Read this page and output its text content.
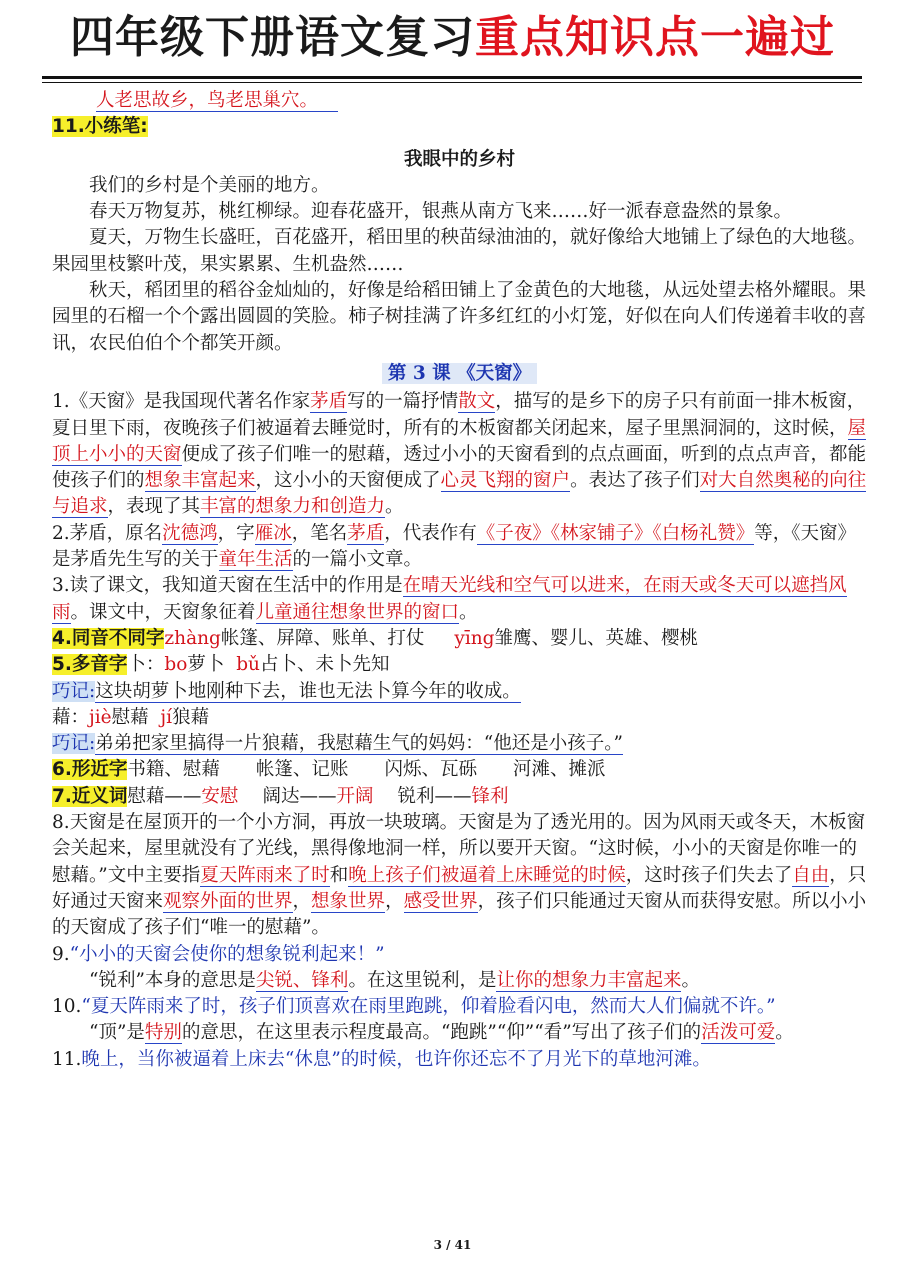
四年级下册语文复习重点知识点一遍过

人老思故乡，鸟老思巢穴。

11.小练笔:

我眼中的乡村

我们的乡村是个美丽的地方。

春天万物复苏，桃红柳绿。迎春花盛开，银燕从南方飞来……好一派春意盎然的景象。

夏天，万物生长盛旺，百花盛开，稻田里的秧苗绿油油的，就好像给大地铺上了绿色的大地毯。果园里枝繁叶茂，果实累累、生机盎然……

秋天，稻团里的稻谷金灿灿的，好像是给稻田铺上了金黄色的大地毯，从远处望去格外耀眼。果园里的石榴一个个露出圆圆的笑脸。柿子树挂满了许多红红的小灯笼，好似在向人们传递着丰收的喜讯，农民伯伯个个都笑开颜。

第 3 课 《天窗》

1.《天窗》是我国现代著名作家茅盾写的一篇抒情散文，描写的是乡下的房子只有前面一排木板窗，夏日里下雨，夜晚孩子们被逼着去睡觉时，所有的木板窗都关闭起来，屋子里黑洞洞的，这时候，屋顶上小小的天窗便成了孩子们唯一的慰藉，透过小小的天窗看到的点点画面，听到的点点声音，都能使孩子们的想象丰富起来，这小小的天窗便成了心灵飞翔的窗户。表达了孩子们对大自然奥秘的向往与追求，表现了其丰富的想象力和创造力。

2.茅盾，原名沈德鸿，字雁冰，笔名茅盾，代表作有《子夜》《林家铺子》《白杨礼赞》等，《天窗》是茅盾先生写的关于童年生活的一篇小文章。

3.读了课文，我知道天窗在生活中的作用是在晴天光线和空气可以进来，在雨天或冬天可以遮挡风雨。课文中，天窗象征着儿童通往想象世界的窗口。

4.同音不同字zhàng帐篷、屏障、账单、打仗 yīng雏鹰、婴儿、英雄、樱桃

5.多音字卜：bo萝卜 bǔ占卜、未卜先知

巧记:这块胡萝卜地刚种下去，谁也无法卜算今年的收成。

藉：jiè慰藉 jí狼藉

巧记:弟弟把家里搞得一片狼藉，我慰藉生气的妈妈：“他还是小孩子。”

6.形近字书籍、慰藉 帐篷、记账 闪烁、瓦砾 河滩、摊派

7.近义词慰藉——安慰 阔达——开阔 锐利——锋利

8.天窗是在屋顶开的一个小方洞，再放一块玻璃。天窗是为了透光用的。因为风雨天或冬天，木板窗会关起来，屋里就没有了光线，黑得像地洞一样，所以要开天窗。“这时候，小小的天窗是你唯一的慰藉。”文中主要指夏天阵雨来了时和晚上孩子们被逼着上床睡觉的时候，这时孩子们失去了自由，只好通过天窗来观察外面的世界，想象世界，感受世界，孩子们只能通过天窗从而获得安慰。所以小小的天窗成了孩子们“唯一的慰藉”。

9.“小小的天窗会使你的想象锐利起来！”

“锐利”本身的意思是尖锐、锋利。在这里锐利，是让你的想象力丰富起来。

10.“夏天阵雨来了时，孩子们顶喜欢在雨里跑跳，仰着脸看闪电，然而大人们偏就不许。”

“顶”是特别的意思，在这里表示程度最高。“跑跳”“仰”“看”写出了孩子们的活泼可爱。

11.晚上，当你被逼着上床去“休息”的时候，也许你还忘不了月光下的草地河滩。

3 / 41
